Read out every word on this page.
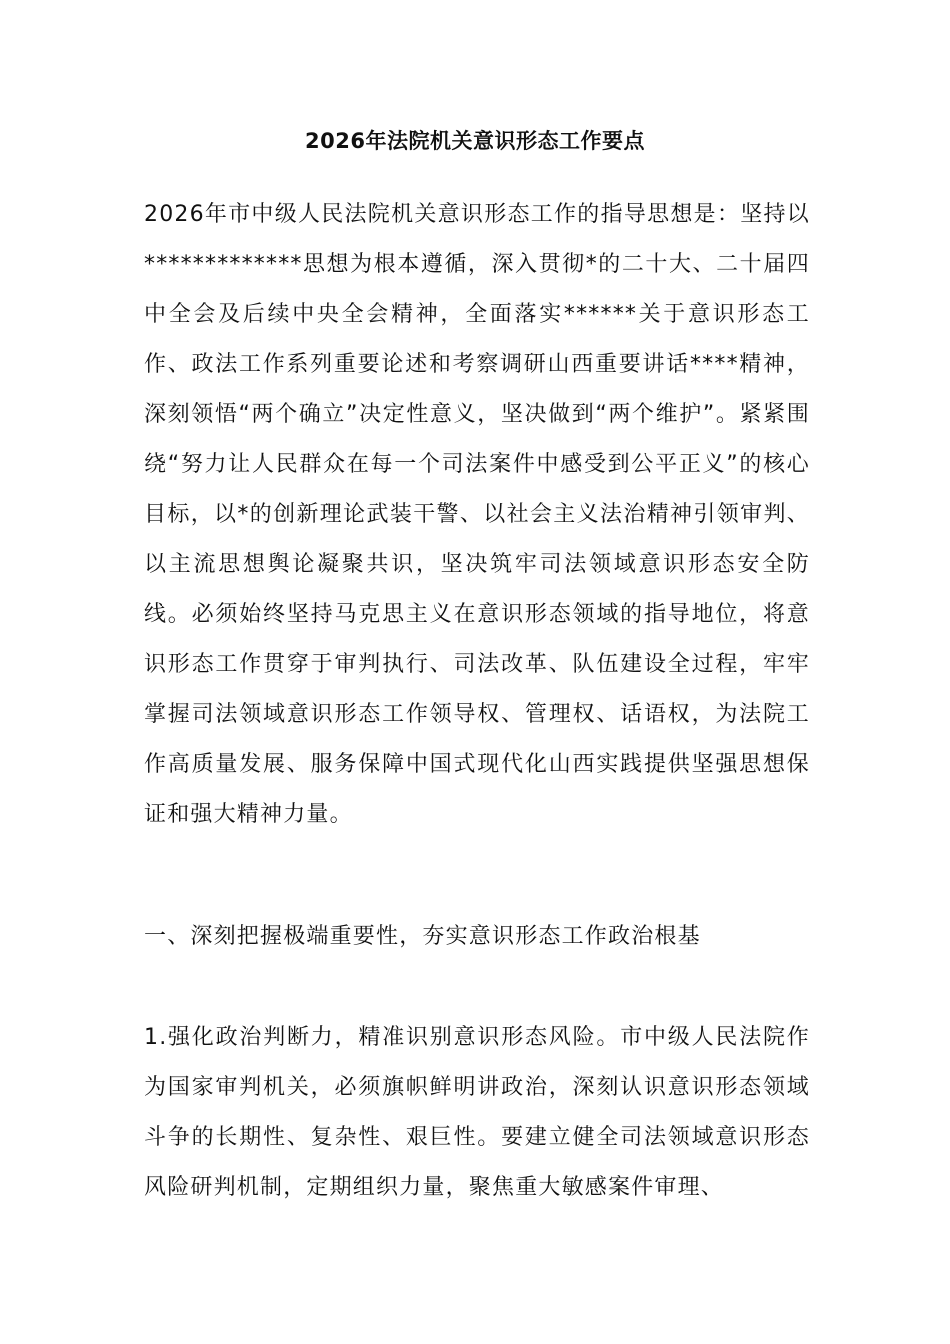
2026年法院机关意识形态工作要点

2026年市中级人民法院机关意识形态工作的指导思想是：坚持以*************思想为根本遵循，深入贯彻*的二十大、二十届四中全会及后续中央全会精神，全面落实******关于意识形态工作、政法工作系列重要论述和考察调研山西重要讲话****精神，深刻领悟“两个确立”决定性意义，坚决做到“两个维护”。紧紧围绕“努力让人民群众在每一个司法案件中感受到公平正义”的核心目标，以*的创新理论武装干警、以社会主义法治精神引领审判、以主流思想舆论凝聚共识，坚决筑牢司法领域意识形态安全防线。必须始终坚持马克思主义在意识形态领域的指导地位，将意识形态工作贯穿于审判执行、司法改革、队伍建设全过程，牢牢掌握司法领域意识形态工作领导权、管理权、话语权，为法院工作高质量发展、服务保障中国式现代化山西实践提供坚强思想保证和强大精神力量。

一、深刻把握极端重要性，夯实意识形态工作政治根基

1.强化政治判断力，精准识别意识形态风险。市中级人民法院作为国家审判机关，必须旗帜鲜明讲政治，深刻认识意识形态领域斗争的长期性、复杂性、艰巨性。要建立健全司法领域意识形态风险研判机制，定期组织力量，聚焦重大敏感案件审理、
